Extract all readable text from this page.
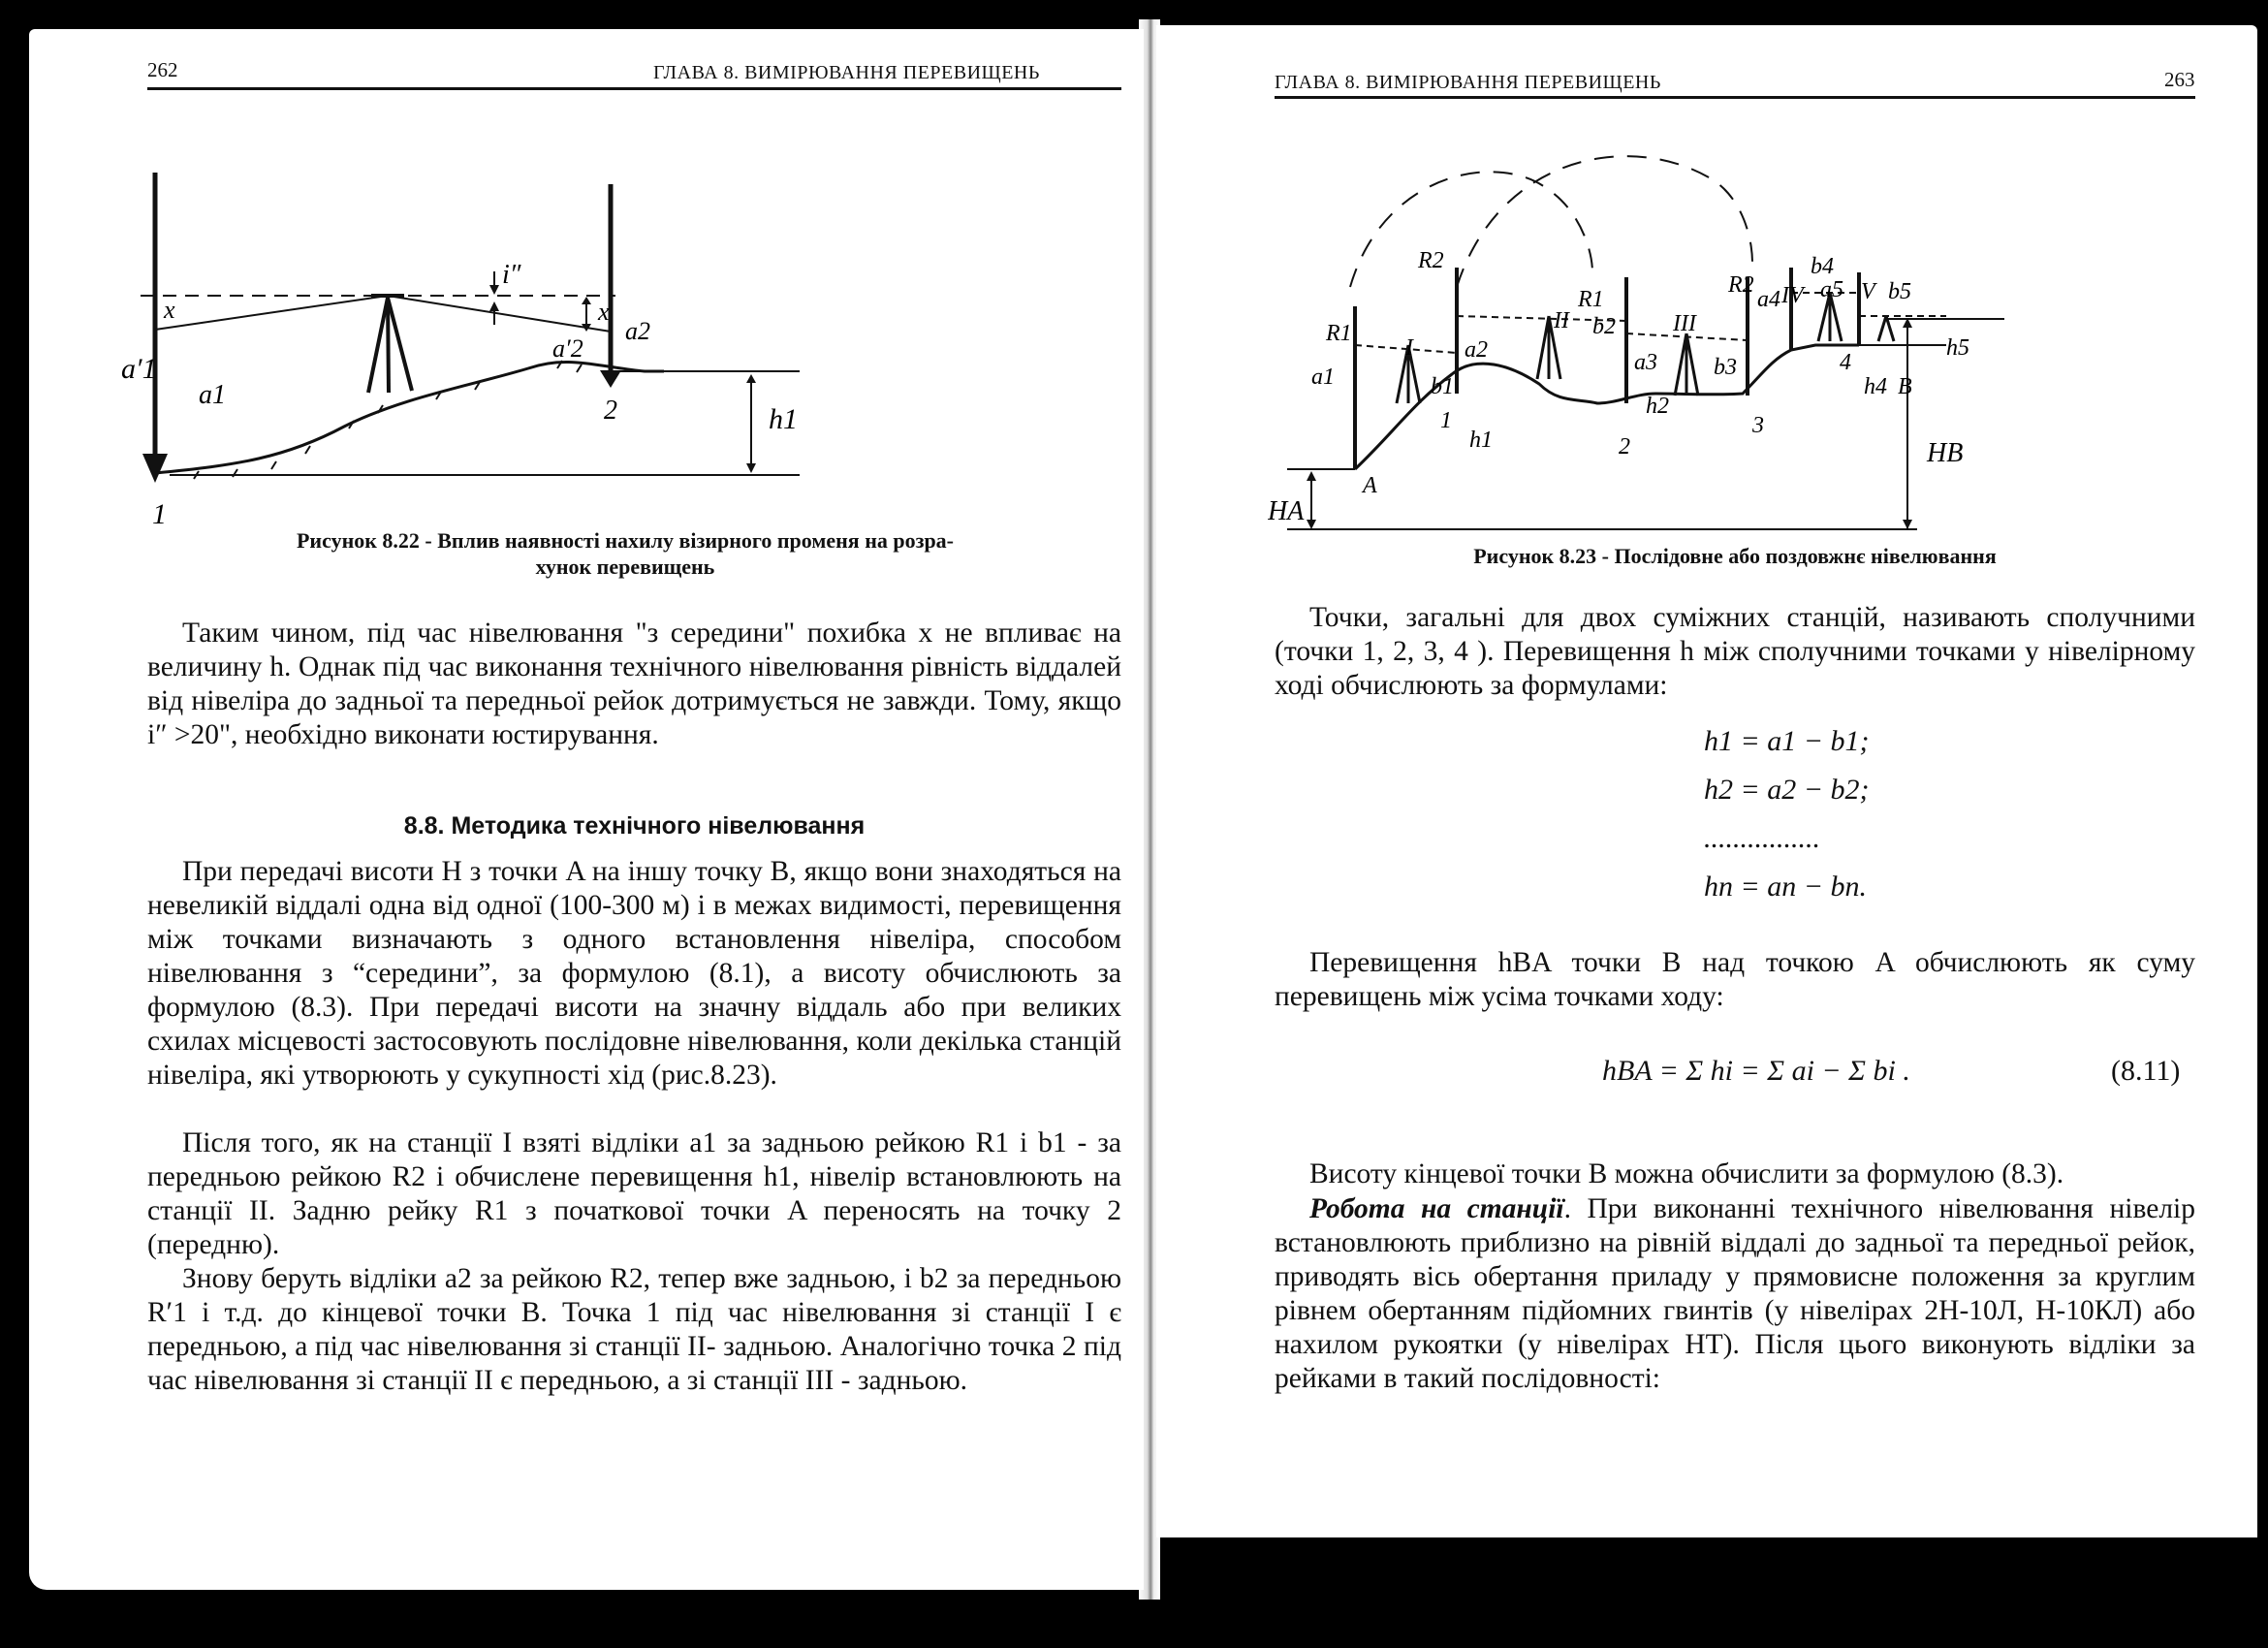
262	ГЛАВА 8. ВИМІРЮВАННЯ ПЕРЕВИЩЕНЬ
a′1
a1
x	x
i″
a′2
a2
h1
1
2
Рисунок 8.22 - Вплив наявності нахилу візирного променя на розра-
хунок перевищень

Таким чином, під час нівелювання "з середини" похибка x не впливає на величину h. Однак під час виконання технічного нівелювання рівність віддалей від нівеліра до задньої та передньої рейок дотримується не завжди. Тому, якщо i″ >20", необхідно виконати юстирування.

8.8. Методика технічного нівелювання

При передачі висоти H з точки A на іншу точку B, якщо вони знаходяться на невеликій віддалі одна від одної (100-300 м) і в межах видимості, перевищення між точками визначають з одного встановлення нівеліра, способом нівелювання з “середини”, за формулою (8.1), а висоту обчислюють за формулою (8.3). При передачі висоти на значну віддаль або при великих схилах місцевості застосовують послідовне нівелювання, коли декілька станцій нівеліра, які утворюють у сукупності хід (рис.8.23).

Після того, як на станції I взяті відліки a1 за задньою рейкою R1 і b1 - за передньою рейкою R2 і обчислене перевищення h1, нівелір встановлюють на станції II. Задню рейку R1 з початкової точки A переносять на точку 2 (передню).

Знову беруть відліки a2 за рейкою R2, тепер вже задньою, і b2 за передньою R′1 і т.д. до кінцевої точки B. Точка 1 під час нівелювання зі станції I є передньою, а під час нівелювання зі станції II- задньою. Аналогічно точка 2 під час нівелювання зі станції II є передньою, а зі станції III - задньою.

ГЛАВА 8. ВИМІРЮВАННЯ ПЕРЕВИЩЕНЬ	263
R1
a1
I
b1
R2
a2
h1
1
II
R1
b2
a3
h2
2
III
b3
3
R2
a4 IV
b4
a5 V b5
4
h4 B
h5
HB
HA
A
Рисунок 8.23 - Послідовне або поздовжнє нівелювання

Точки, загальні для двох суміжних станцій, називають сполучними (точки 1, 2, 3, 4 ). Перевищення h між сполучними точками у нівелірному ході обчислюють за формулами:

h1 = a1 − b1;
h2 = a2 − b2;
................
hn = an − bn.

Перевищення hBA точки B над точкою A обчислюють як суму перевищень між усіма точками ходу:

hBA = Σ hi = Σ ai − Σ bi .	(8.11)

Висоту кінцевої точки B можна обчислити за формулою (8.3).

Робота на станції. При виконанні технічного нівелювання нівелір встановлюють приблизно на рівній віддалі до задньої та передньої рейок, приводять вісь обертання приладу у прямовисне положення за круглим рівнем обертанням підйомних гвинтів (у нівелірах 2Н-10Л, Н-10КЛ) або нахилом рукоятки (у нівелірах НТ). Після цього виконують відліки за рейками в такий послідовності:
